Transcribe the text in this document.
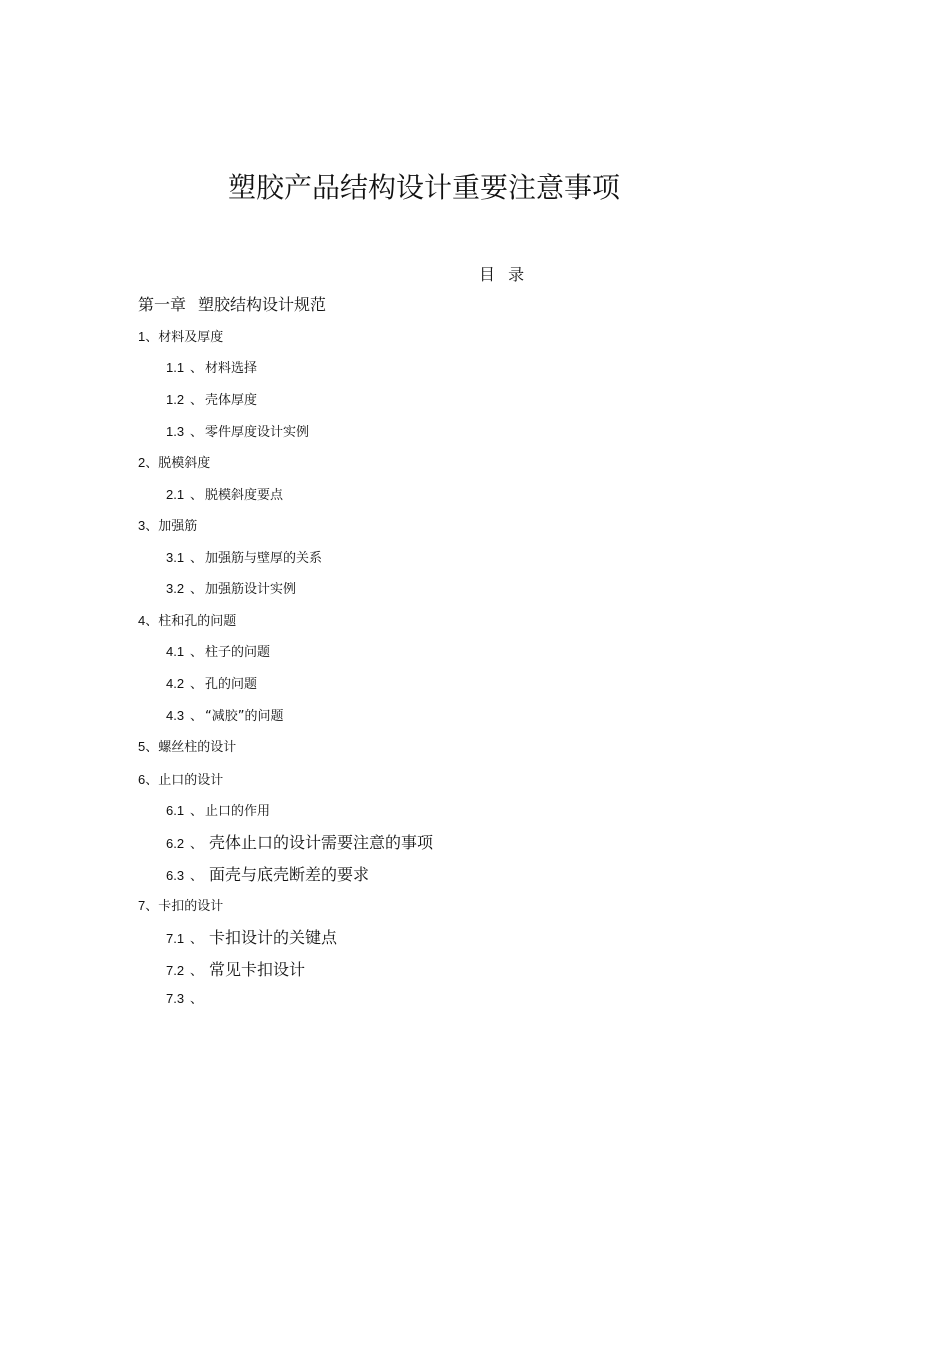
塑胶产品结构设计重要注意事项
目  录
第一章 塑胶结构设计规范
1、材料及厚度
1.1 、 材料选择
1.2 、 壳体厚度
1.3 、 零件厚度设计实例
2、脱模斜度
2.1 、 脱模斜度要点
3、加强筋
3.1 、 加强筋与壁厚的关系
3.2 、 加强筋设计实例
4、柱和孔的问题
4.1 、 柱子的问题
4.2 、 孔的问题
4.3 、 “减胶”的问题
5、螺丝柱的设计
6、止口的设计
6.1 、 止口的作用
6.2 、 壳体止口的设计需要注意的事项
6.3 、 面壳与底壳断差的要求
7、卡扣的设计
7.1 、 卡扣设计的关键点
7.2 、 常见卡扣设计
7.3 、
